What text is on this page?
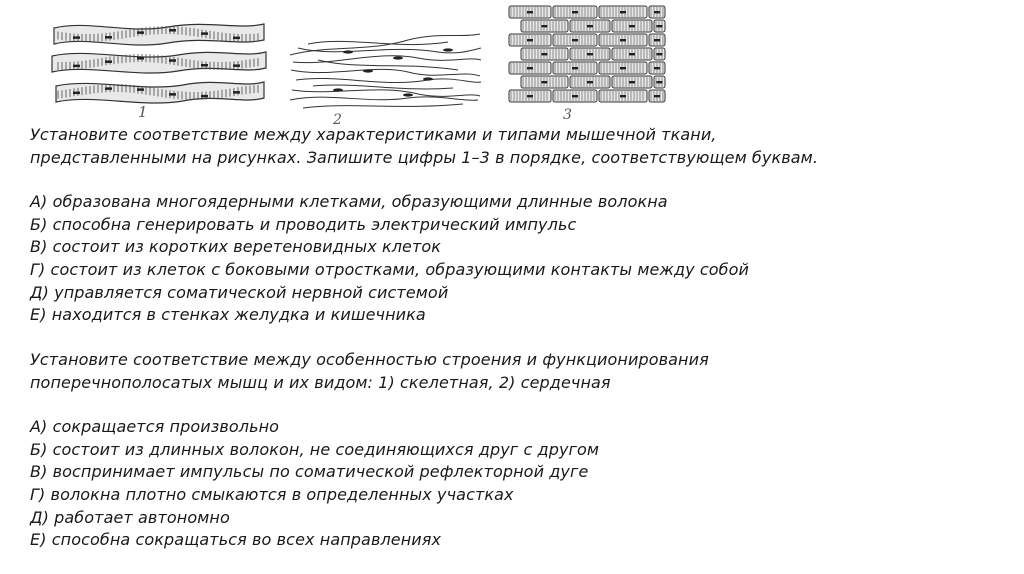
1	2	3
Установите соответствие между характеристиками и типами мышечной ткани,
представленными на рисунках. Запишите цифры 1–3 в порядке, соответствующем буквам.
А) образована многоядерными клетками, образующими длинные волокна
Б) способна генерировать и проводить электрический импульс
В) состоит из коротких веретеновидных клеток
Г) состоит из клеток с боковыми отростками, образующими контакты между собой
Д) управляется соматической нервной системой
Е) находится в стенках желудка и кишечника
Установите соответствие между особенностью строения и функционирования
поперечнополосатых мышц и их видом: 1) скелетная, 2) сердечная
А) сокращается произвольно
Б) состоит из длинных волокон, не соединяющихся друг с другом
В) воспринимает импульсы по соматической рефлекторной дуге
Г) волокна плотно смыкаются в определенных участках
Д) работает автономно
Е) способна сокращаться во всех направлениях
